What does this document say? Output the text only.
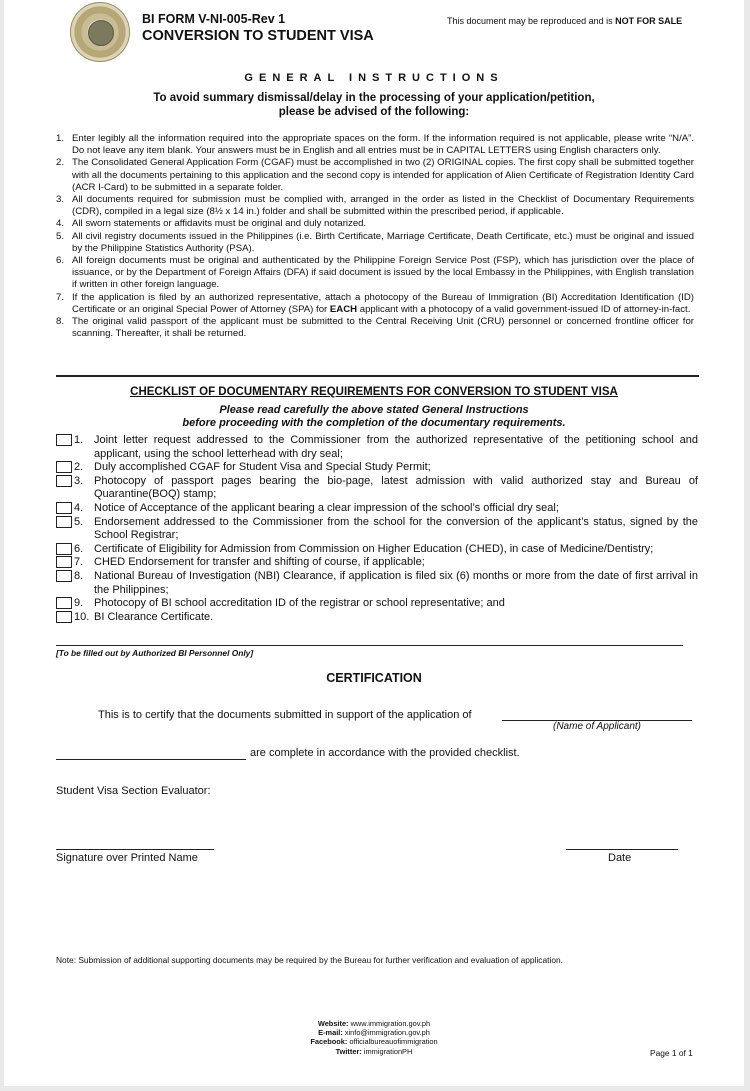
BI FORM V-NI-005-Rev 1
CONVERSION TO STUDENT VISA
This document may be reproduced and is NOT FOR SALE
GENERAL INSTRUCTIONS
To avoid summary dismissal/delay in the processing of your application/petition,
please be advised of the following:
1. Enter legibly all the information required into the appropriate spaces on the form. If the information required is not applicable, please write “N/A”. Do not leave any item blank. Your answers must be in English and all entries must be in CAPITAL LETTERS using English characters only.
2. The Consolidated General Application Form (CGAF) must be accomplished in two (2) ORIGINAL copies. The first copy shall be submitted together with all the documents pertaining to this application and the second copy is intended for application of Alien Certificate of Registration Identity Card (ACR I-Card) to be submitted in a separate folder.
3. All documents required for submission must be complied with, arranged in the order as listed in the Checklist of Documentary Requirements (CDR), compiled in a legal size (8½ x 14 in.) folder and shall be submitted within the prescribed period, if applicable.
4. All sworn statements or affidavits must be original and duly notarized.
5. All civil registry documents issued in the Philippines (i.e. Birth Certificate, Marriage Certificate, Death Certificate, etc.) must be original and issued by the Philippine Statistics Authority (PSA).
6. All foreign documents must be original and authenticated by the Philippine Foreign Service Post (FSP), which has jurisdiction over the place of issuance, or by the Department of Foreign Affairs (DFA) if said document is issued by the local Embassy in the Philippines, with English translation if written in other foreign language.
7. If the application is filed by an authorized representative, attach a photocopy of the Bureau of Immigration (BI) Accreditation Identification (ID) Certificate or an original Special Power of Attorney (SPA) for EACH applicant with a photocopy of a valid government-issued ID of attorney-in-fact.
8. The original valid passport of the applicant must be submitted to the Central Receiving Unit (CRU) personnel or concerned frontline officer for scanning. Thereafter, it shall be returned.
CHECKLIST OF DOCUMENTARY REQUIREMENTS FOR CONVERSION TO STUDENT VISA
Please read carefully the above stated General Instructions
before proceeding with the completion of the documentary requirements.
1. Joint letter request addressed to the Commissioner from the authorized representative of the petitioning school and applicant, using the school letterhead with dry seal;
2. Duly accomplished CGAF for Student Visa and Special Study Permit;
3. Photocopy of passport pages bearing the bio-page, latest admission with valid authorized stay and Bureau of Quarantine(BOQ) stamp;
4. Notice of Acceptance of the applicant bearing a clear impression of the school’s official dry seal;
5. Endorsement addressed to the Commissioner from the school for the conversion of the applicant’s status, signed by the School Registrar;
6. Certificate of Eligibility for Admission from Commission on Higher Education (CHED), in case of Medicine/Dentistry;
7. CHED Endorsement for transfer and shifting of course, if applicable;
8. National Bureau of Investigation (NBI) Clearance, if application is filed six (6) months or more from the date of first arrival in the Philippines;
9. Photocopy of BI school accreditation ID of the registrar or school representative; and
10. BI Clearance Certificate.
[To be filled out by Authorized BI Personnel Only]
CERTIFICATION
This is to certify that the documents submitted in support of the application of
(Name of Applicant)
are complete in accordance with the provided checklist.
Student Visa Section Evaluator:
Signature over Printed Name	Date
Note: Submission of additional supporting documents may be required by the Bureau for further verification and evaluation of application.
Website: www.immigration.gov.ph
E-mail: xinfo@immigration.gov.ph
Facebook: officialbureauofimmigration
Twitter: immigrationPH	Page 1 of 1
